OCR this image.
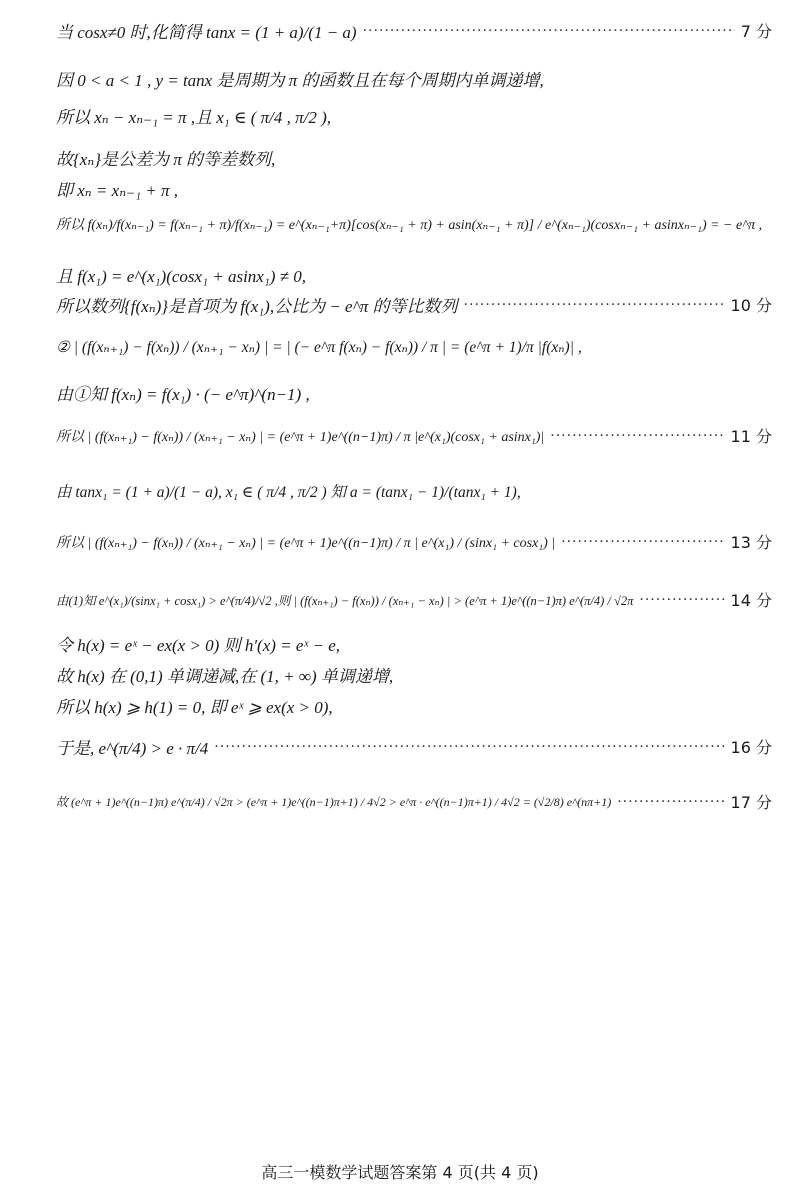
当 cosx≠0 时,化简得 tanx = (1 + a)/(1 − a) ·····	7 分
因 0 < a < 1 , y = tanx 是周期为 π 的函数且在每个周期内单调递增,
所以 xₙ − xₙ₋₁ = π ,且 x₁ ∈ ( π/4 , π/2 ),
故{xₙ}是公差为 π 的等差数列,
即 xₙ = xₙ₋₁ + π ,
所以 f(xₙ)/f(xₙ₋₁) = f(xₙ₋₁ + π)/f(xₙ₋₁) = e^(xₙ₋₁+π)[cos(xₙ₋₁ + π) + asin(xₙ₋₁ + π)] / e^(xₙ₋₁)(cosxₙ₋₁ + asinxₙ₋₁) = − e^π ,
且 f(x₁) = e^(x₁)(cosx₁ + asinx₁) ≠ 0,
所以数列{f(xₙ)}是首项为 f(x₁),公比为 − e^π 的等比数列 ·····	10 分
② | (f(xₙ₊₁) − f(xₙ)) / (xₙ₊₁ − xₙ) | = | (− e^π f(xₙ) − f(xₙ)) / π | = (e^π + 1)/π |f(xₙ)| ,
由①知 f(xₙ) = f(x₁) · (− e^π)^(n−1) ,
所以 | (f(xₙ₊₁) − f(xₙ)) / (xₙ₊₁ − xₙ) | = (e^π + 1)e^((n−1)π) / π |e^(x₁)(cosx₁ + asinx₁)| ·····	11 分
由 tanx₁ = (1 + a)/(1 − a), x₁ ∈ ( π/4 , π/2 ) 知 a = (tanx₁ − 1)/(tanx₁ + 1),
所以 | (f(xₙ₊₁) − f(xₙ)) / (xₙ₊₁ − xₙ) | = (e^π + 1)e^((n−1)π) / π | e^(x₁) / (sinx₁ + cosx₁) | ·····	13 分
由(1)知 e^(x₁)/(sinx₁ + cosx₁) > e^(π/4)/√2 ,则 | (f(xₙ₊₁) − f(xₙ)) / (xₙ₊₁ − xₙ) | > (e^π + 1)e^((n−1)π) e^(π/4) / √2π ·····	14 分
令 h(x) = eˣ − ex(x > 0) 则 h′(x) = eˣ − e,
故 h(x) 在 (0,1) 单调递减,在 (1, + ∞) 单调递增,
所以 h(x) ⩾ h(1) = 0, 即 eˣ ⩾ ex(x > 0),
于是, e^(π/4) > e · π/4 ·····	16 分
故 (e^π + 1)e^((n−1)π) e^(π/4) / √2π > (e^π + 1)e^((n−1)π+1) / 4√2 > e^π · e^((n−1)π+1) / 4√2 = (√2/8) e^(nπ+1) ·····	17 分
高三一模数学试题答案第 4 页(共 4 页)
